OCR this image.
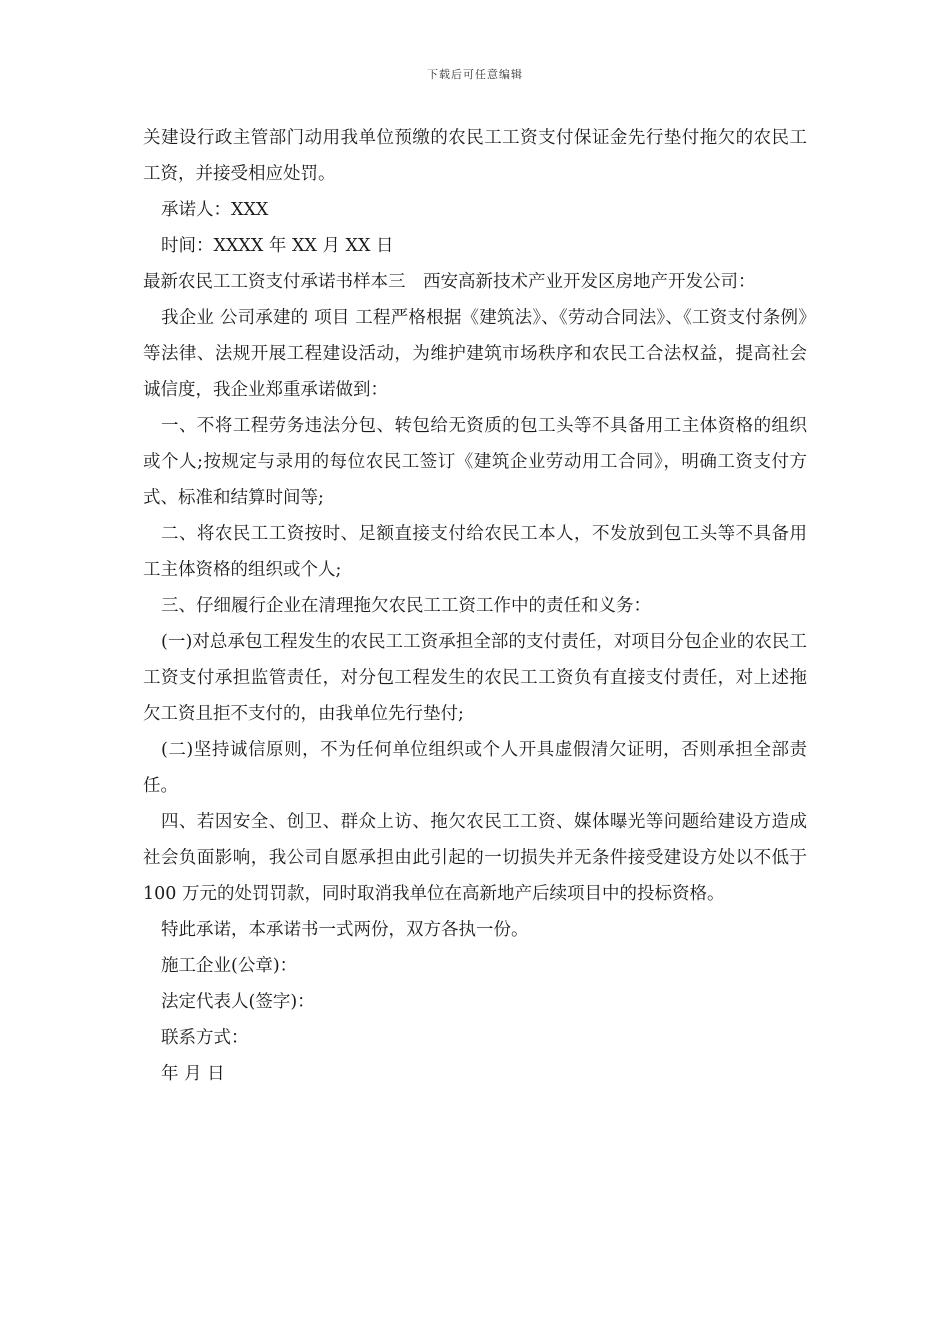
下载后可任意编辑

关建设行政主管部门动用我单位预缴的农民工工资支付保证金先行垫付拖欠的农民工工资，并接受相应处罚。

承诺人：XXX

时间：XXXX 年 XX 月 XX 日

最新农民工工资支付承诺书样本三　西安高新技术产业开发区房地产开发公司：

我企业 公司承建的 项目 工程严格根据《建筑法》、《劳动合同法》、《工资支付条例》等法律、法规开展工程建设活动，为维护建筑市场秩序和农民工合法权益，提高社会诚信度，我企业郑重承诺做到：

一、不将工程劳务违法分包、转包给无资质的包工头等不具备用工主体资格的组织或个人;按规定与录用的每位农民工签订《建筑企业劳动用工合同》，明确工资支付方式、标准和结算时间等;

二、将农民工工资按时、足额直接支付给农民工本人，不发放到包工头等不具备用工主体资格的组织或个人;

三、仔细履行企业在清理拖欠农民工工资工作中的责任和义务：

(一)对总承包工程发生的农民工工资承担全部的支付责任，对项目分包企业的农民工工资支付承担监管责任，对分包工程发生的农民工工资负有直接支付责任，对上述拖欠工资且拒不支付的，由我单位先行垫付;

(二)坚持诚信原则，不为任何单位组织或个人开具虚假清欠证明，否则承担全部责任。

四、若因安全、创卫、群众上访、拖欠农民工工资、媒体曝光等问题给建设方造成社会负面影响，我公司自愿承担由此引起的一切损失并无条件接受建设方处以不低于 100 万元的处罚罚款，同时取消我单位在高新地产后续项目中的投标资格。

特此承诺，本承诺书一式两份，双方各执一份。

施工企业(公章)：

法定代表人(签字)：

联系方式：

年 月 日
